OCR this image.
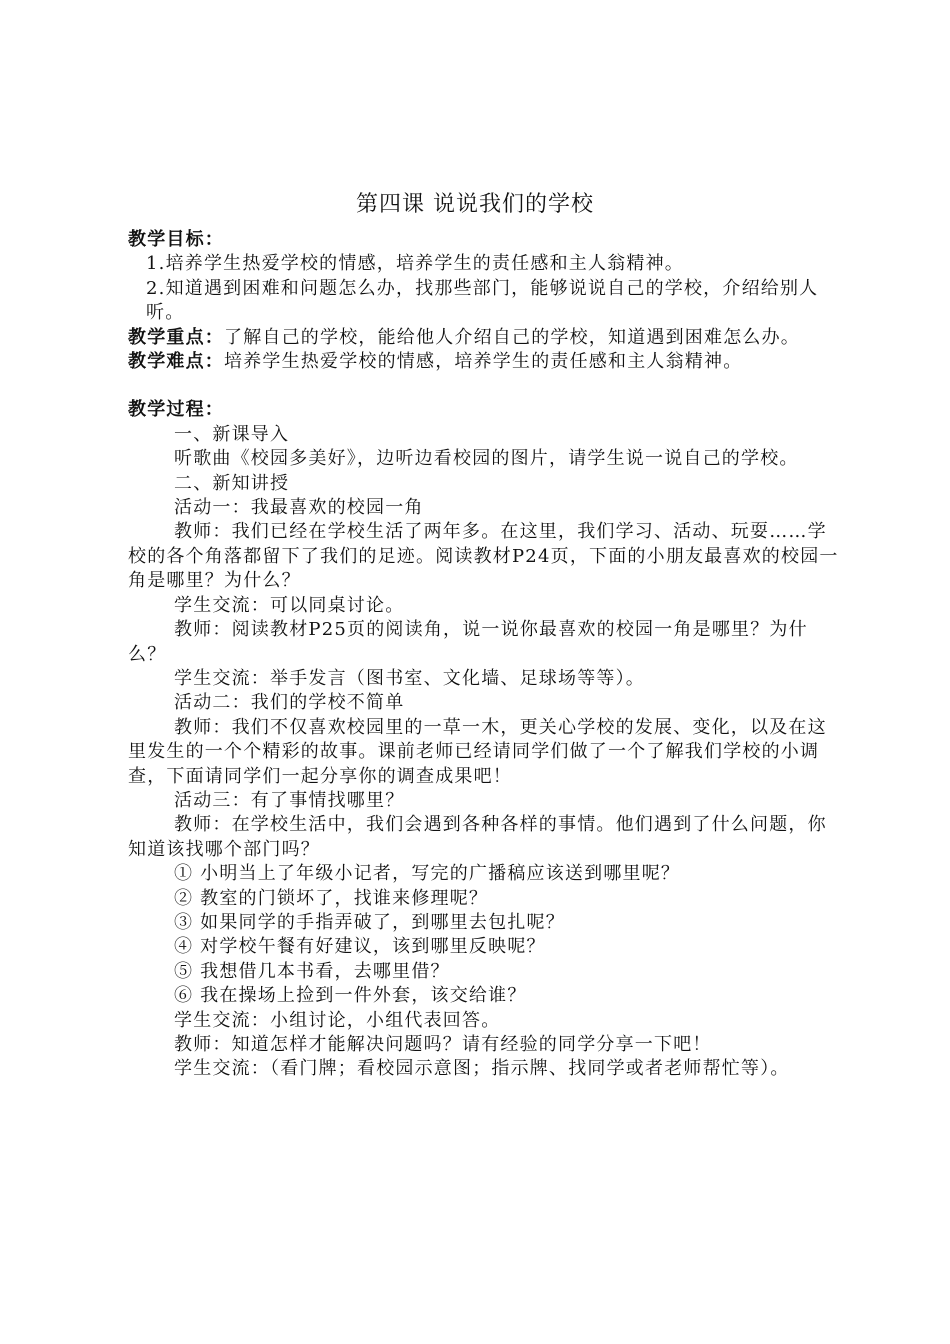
第四课 说说我们的学校
教学目标：
1.培养学生热爱学校的情感，培养学生的责任感和主人翁精神。
2.知道遇到困难和问题怎么办，找那些部门，能够说说自己的学校，介绍给别人听。
教学重点：了解自己的学校，能给他人介绍自己的学校，知道遇到困难怎么办。
教学难点：培养学生热爱学校的情感，培养学生的责任感和主人翁精神。
教学过程：
一、新课导入
听歌曲《校园多美好》，边听边看校园的图片，请学生说一说自己的学校。
二、新知讲授
活动一：我最喜欢的校园一角
教师：我们已经在学校生活了两年多。在这里，我们学习、活动、玩耍……学校的各个角落都留下了我们的足迹。阅读教材P24页，下面的小朋友最喜欢的校园一角是哪里？为什么？
学生交流：可以同桌讨论。
教师：阅读教材P25页的阅读角，说一说你最喜欢的校园一角是哪里？为什么？
学生交流：举手发言（图书室、文化墙、足球场等等）。
活动二：我们的学校不简单
教师：我们不仅喜欢校园里的一草一木，更关心学校的发展、变化，以及在这里发生的一个个精彩的故事。课前老师已经请同学们做了一个了解我们学校的小调查，下面请同学们一起分享你的调查成果吧！
活动三：有了事情找哪里？
教师：在学校生活中，我们会遇到各种各样的事情。他们遇到了什么问题，你知道该找哪个部门吗？
① 小明当上了年级小记者，写完的广播稿应该送到哪里呢？
② 教室的门锁坏了，找谁来修理呢？
③ 如果同学的手指弄破了，到哪里去包扎呢？
④ 对学校午餐有好建议，该到哪里反映呢？
⑤ 我想借几本书看，去哪里借？
⑥ 我在操场上捡到一件外套，该交给谁？
学生交流：小组讨论，小组代表回答。
教师：知道怎样才能解决问题吗？请有经验的同学分享一下吧！
学生交流：（看门牌；看校园示意图；指示牌、找同学或者老师帮忙等）。
